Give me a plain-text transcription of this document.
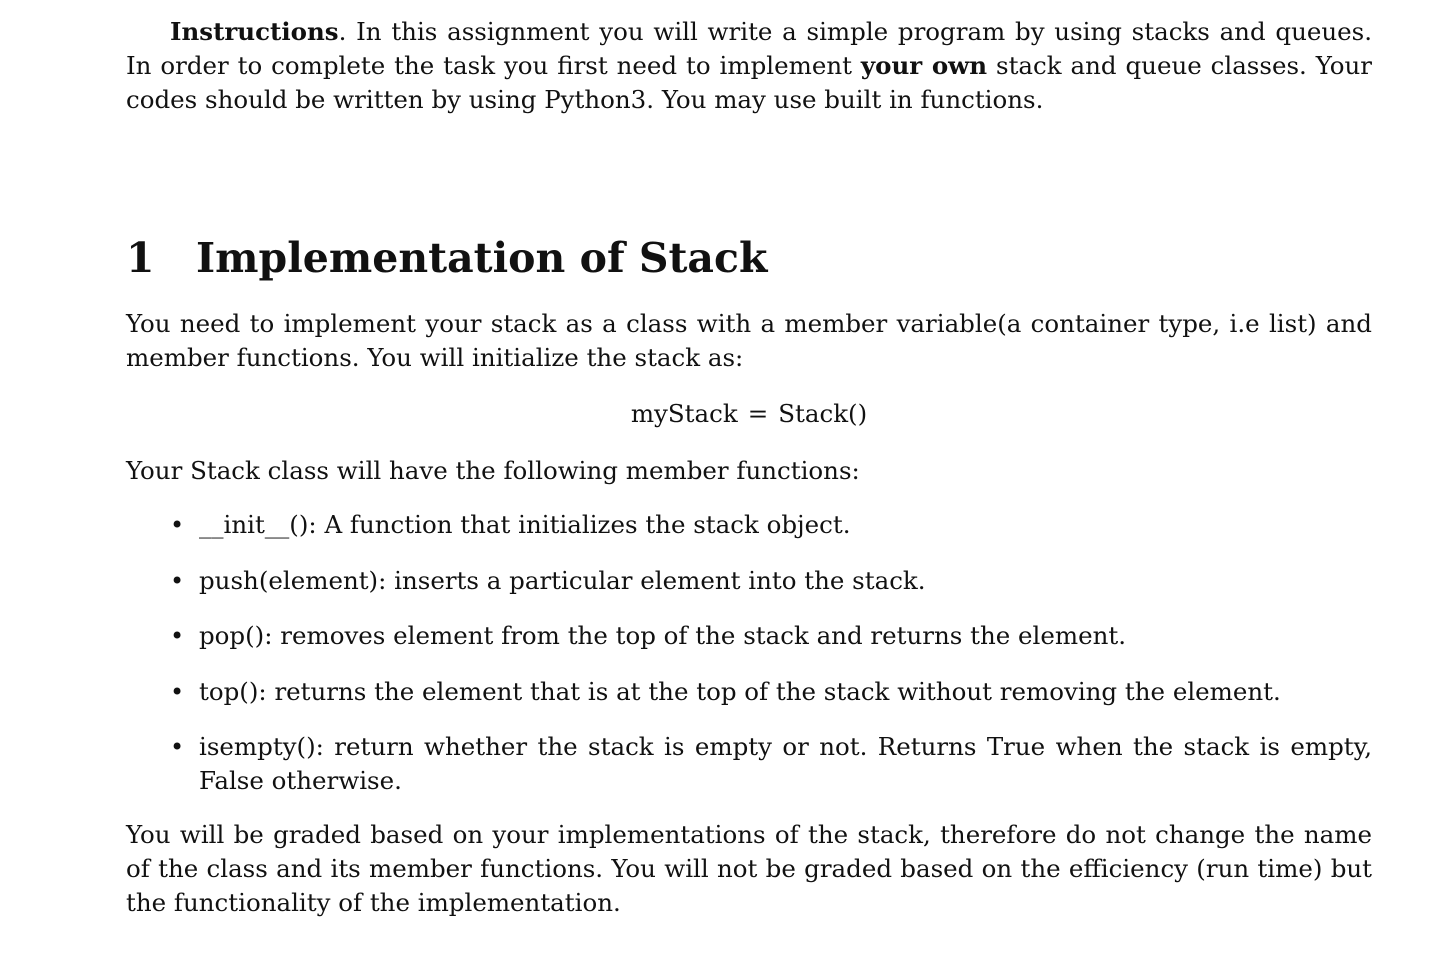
Instructions. In this assignment you will write a simple program by using stacks and queues. In order to complete the task you first need to implement your own stack and queue classes. Your codes should be written by using Python3. You may use built in functions.

1 Implementation of Stack

You need to implement your stack as a class with a member variable(a container type, i.e list) and member functions. You will initialize the stack as:

myStack = Stack()

Your Stack class will have the following member functions:

• __init__(): A function that initializes the stack object.
• push(element): inserts a particular element into the stack.
• pop(): removes element from the top of the stack and returns the element.
• top(): returns the element that is at the top of the stack without removing the element.
• isempty(): return whether the stack is empty or not. Returns True when the stack is empty, False otherwise.

You will be graded based on your implementations of the stack, therefore do not change the name of the class and its member functions. You will not be graded based on the efficiency (run time) but the functionality of the implementation.
